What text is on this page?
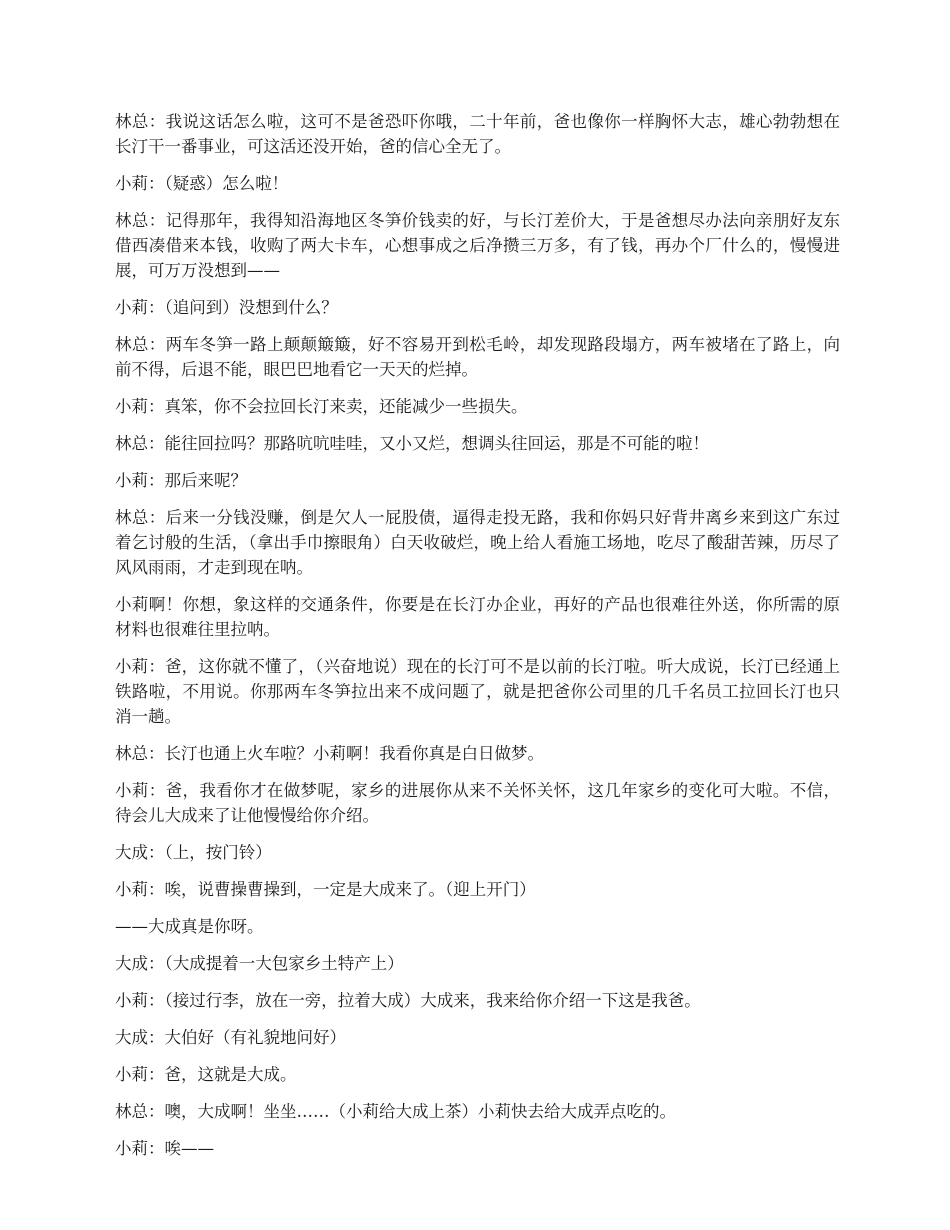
林总：我说这话怎么啦，这可不是爸恐吓你哦，二十年前，爸也像你一样胸怀大志，雄心勃勃想在长汀干一番事业，可这活还没开始，爸的信心全无了。

小莉：（疑惑）怎么啦！

林总：记得那年，我得知沿海地区冬笋价钱卖的好，与长汀差价大，于是爸想尽办法向亲朋好友东借西凑借来本钱，收购了两大卡车，心想事成之后净攒三万多，有了钱，再办个厂什么的，慢慢进展，可万万没想到——

小莉：（追问到）没想到什么？

林总：两车冬笋一路上颠颠簸簸，好不容易开到松毛岭，却发现路段塌方，两车被堵在了路上，向前不得，后退不能，眼巴巴地看它一天天的烂掉。

小莉：真笨，你不会拉回长汀来卖，还能减少一些损失。

林总：能往回拉吗？那路吭吭哇哇，又小又烂，想调头往回运，那是不可能的啦！

小莉：那后来呢？

林总：后来一分钱没赚，倒是欠人一屁股债，逼得走投无路，我和你妈只好背井离乡来到这广东过着乞讨般的生活，（拿出手巾擦眼角）白天收破烂，晚上给人看施工场地，吃尽了酸甜苦辣，历尽了风风雨雨，才走到现在呐。

小莉啊！你想，象这样的交通条件，你要是在长汀办企业，再好的产品也很难往外送，你所需的原材料也很难往里拉呐。

小莉：爸，这你就不懂了，（兴奋地说）现在的长汀可不是以前的长汀啦。听大成说，长汀已经通上铁路啦，不用说。你那两车冬笋拉出来不成问题了，就是把爸你公司里的几千名员工拉回长汀也只消一趟。

林总：长汀也通上火车啦？小莉啊！我看你真是白日做梦。

小莉：爸，我看你才在做梦呢，家乡的进展你从来不关怀关怀，这几年家乡的变化可大啦。不信，待会儿大成来了让他慢慢给你介绍。

大成：（上，按门铃）

小莉：唉，说曹操曹操到，一定是大成来了。（迎上开门）

——大成真是你呀。

大成：（大成提着一大包家乡土特产上）

小莉：（接过行李，放在一旁，拉着大成）大成来，我来给你介绍一下这是我爸。

大成：大伯好（有礼貌地问好）

小莉：爸，这就是大成。

林总：噢，大成啊！坐坐……（小莉给大成上茶）小莉快去给大成弄点吃的。

小莉：唉——
